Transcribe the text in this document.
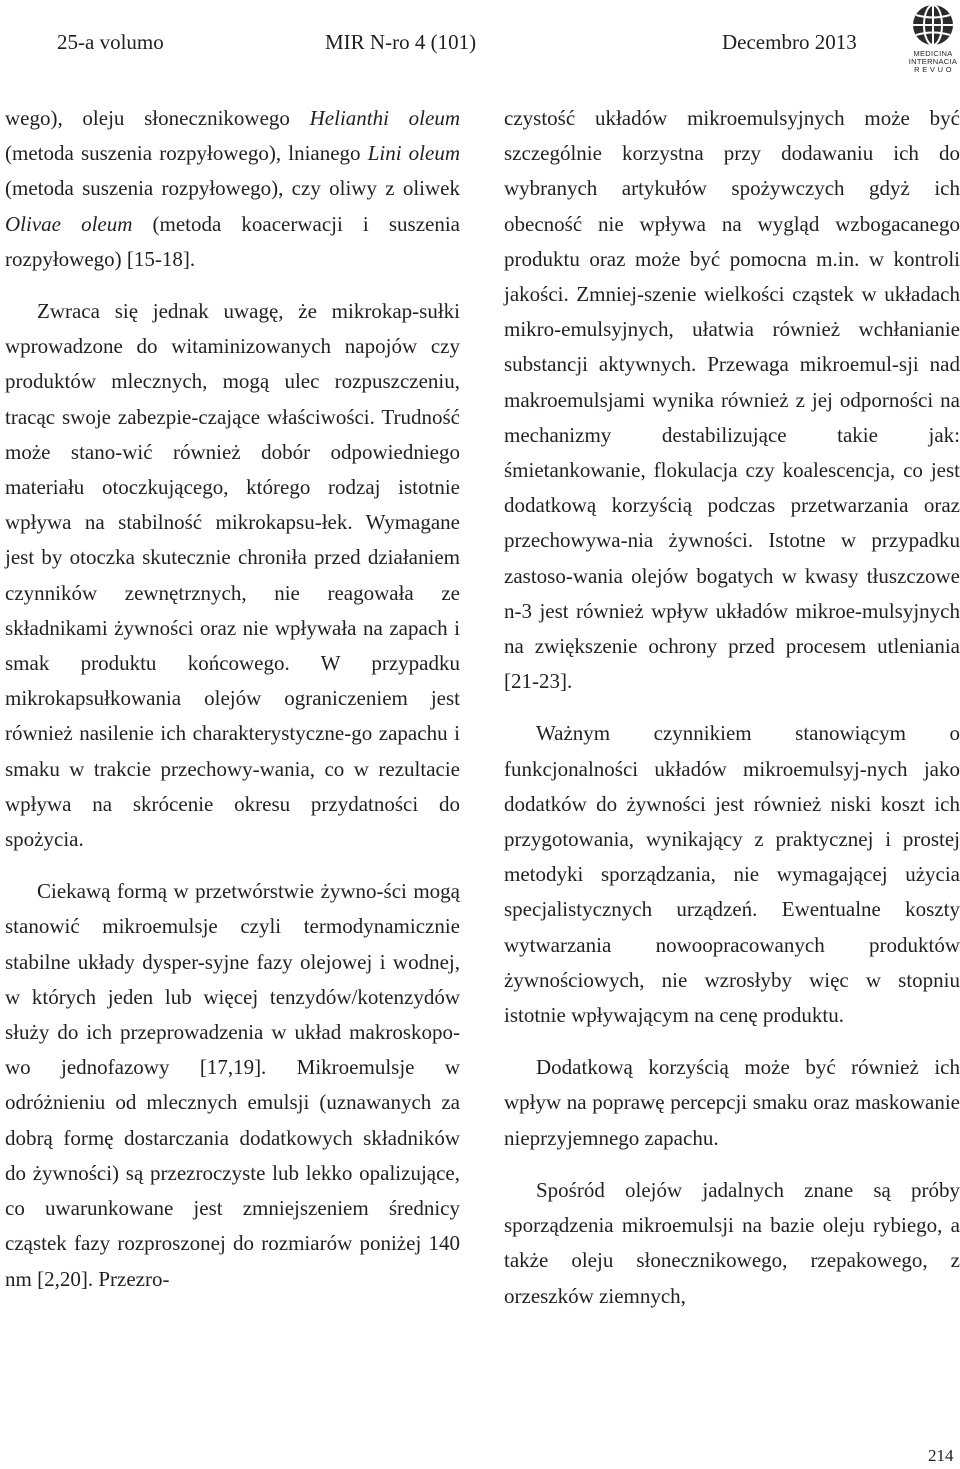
25-a volumo	MIR N-ro 4 (101)	Decembro 2013	MEDICINA
INTERNACIA
R E V U O

wego), oleju słonecznikowego Helianthi oleum (metoda suszenia rozpyłowego), lnianego Lini oleum (metoda suszenia rozpyłowego), czy oliwy z oliwek Olivae oleum (metoda koacerwacji i suszenia rozpyłowego) [15-18].

Zwraca się jednak uwagę, że mikrokap-sułki wprowadzone do witaminizowanych napojów czy produktów mlecznych, mogą ulec rozpuszczeniu, tracąc swoje zabezpie-czające właściwości. Trudność może stano-wić również dobór odpowiedniego materiału otoczkującego, którego rodzaj istotnie wpływa na stabilność mikrokapsu-łek. Wymagane jest by otoczka skutecznie chroniła przed działaniem czynników zewnętrznych, nie reagowała ze składnikami żywności oraz nie wpływała na zapach i smak produktu końcowego. W przypadku mikrokapsułkowania olejów ograniczeniem jest również nasilenie ich charakterystyczne-go zapachu i smaku w trakcie przechowy-wania, co w rezultacie wpływa na skrócenie okresu przydatności do spożycia.

Ciekawą formą w przetwórstwie żywno-ści mogą stanowić mikroemulsje czyli termodynamicznie stabilne układy dysper-syjne fazy olejowej i wodnej, w których jeden lub więcej tenzydów/kotenzydów służy do ich przeprowadzenia w układ makroskopo-wo jednofazowy [17,19]. Mikroemulsje w odróżnieniu od mlecznych emulsji (uznawanych za dobrą formę dostarczania dodatkowych składników do żywności) są przezroczyste lub lekko opalizujące, co uwarunkowane jest zmniejszeniem średnicy cząstek fazy rozproszonej do rozmiarów poniżej 140 nm [2,20]. Przezro-

czystość układów mikroemulsyjnych może być szczególnie korzystna przy dodawaniu ich do wybranych artykułów spożywczych gdyż ich obecność nie wpływa na wygląd wzbogacanego produktu oraz może być pomocna m.in. w kontroli jakości. Zmniej-szenie wielkości cząstek w układach mikro-emulsyjnych, ułatwia również wchłanianie substancji aktywnych. Przewaga mikroemul-sji nad makroemulsjami wynika również z jej odporności na mechanizmy destabilizujące takie jak: śmietankowanie, flokulacja czy koalescencja, co jest dodatkową korzyścią podczas przetwarzania oraz przechowywa-nia żywności. Istotne w przypadku zastoso-wania olejów bogatych w kwasy tłuszczowe n-3 jest również wpływ układów mikroe-mulsyjnych na zwiększenie ochrony przed procesem utleniania [21-23].

Ważnym czynnikiem stanowiącym o funkcjonalności układów mikroemulsyj-nych jako dodatków do żywności jest również niski koszt ich przygotowania, wynikający z praktycznej i prostej metodyki sporządzania, nie wymagającej użycia specjalistycznych urządzeń. Ewentualne koszty wytwarzania nowoopracowanych produktów żywnościowych, nie wzrosłyby więc w stopniu istotnie wpływającym na cenę produktu.

Dodatkową korzyścią może być również ich wpływ na poprawę percepcji smaku oraz maskowanie nieprzyjemnego zapachu.

Spośród olejów jadalnych znane są próby sporządzenia mikroemulsji na bazie oleju rybiego, a także oleju słonecznikowego, rzepakowego, z orzeszków ziemnych,

214
